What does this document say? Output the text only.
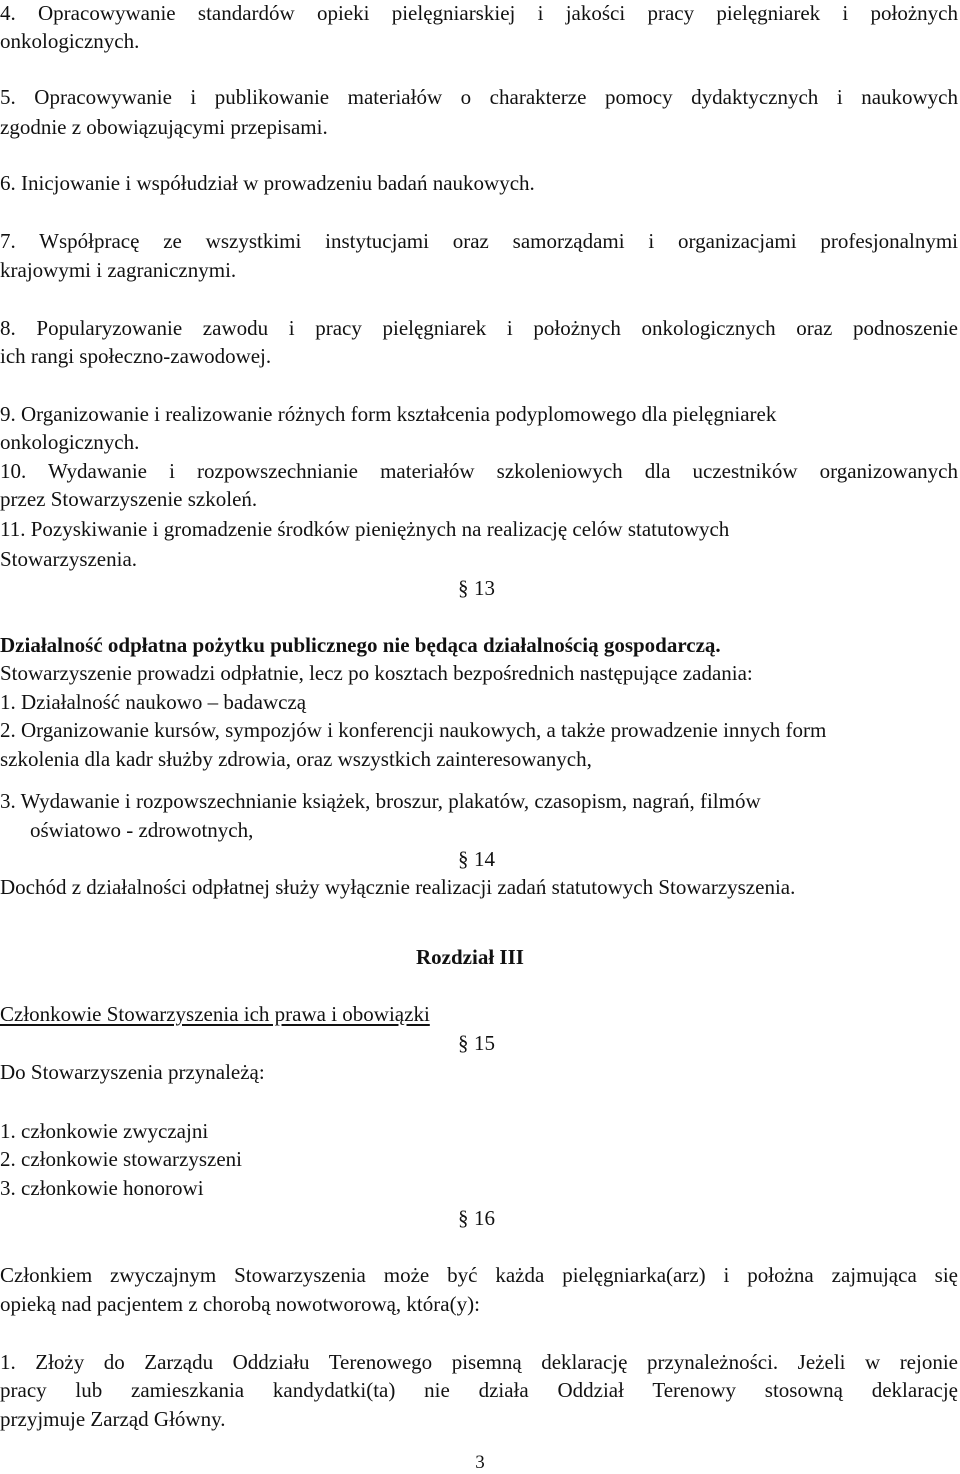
4. Opracowywanie standardów opieki pielęgniarskiej i jakości pracy pielęgniarek i położnych
onkologicznych.
5. Opracowywanie i publikowanie materiałów o charakterze pomocy dydaktycznych i naukowych
zgodnie z obowiązującymi przepisami.
6. Inicjowanie i współudział w prowadzeniu badań naukowych.
7. Współpracę ze wszystkimi instytucjami oraz samorządami i organizacjami profesjonalnymi
krajowymi i zagranicznymi.
8. Popularyzowanie zawodu i pracy pielęgniarek i położnych onkologicznych oraz podnoszenie
ich rangi społeczno-zawodowej.
9. Organizowanie i realizowanie różnych form kształcenia podyplomowego dla pielęgniarek
onkologicznych.
10. Wydawanie i rozpowszechnianie materiałów szkoleniowych dla uczestników organizowanych
przez Stowarzyszenie szkoleń.
11. Pozyskiwanie i gromadzenie środków pieniężnych na realizację celów statutowych
Stowarzyszenia.
§ 13
Działalność odpłatna pożytku publicznego nie będąca działalnością gospodarczą.
Stowarzyszenie prowadzi odpłatnie, lecz po kosztach bezpośrednich następujące zadania:
1. Działalność naukowo – badawczą
2. Organizowanie kursów, sympozjów i konferencji naukowych, a także prowadzenie innych form
szkolenia dla kadr służby zdrowia, oraz wszystkich zainteresowanych,
3. Wydawanie i rozpowszechnianie książek, broszur, plakatów, czasopism, nagrań, filmów
oświatowo - zdrowotnych,
§ 14
Dochód z działalności odpłatnej służy wyłącznie realizacji zadań statutowych Stowarzyszenia.
Rozdział III
Członkowie Stowarzyszenia ich prawa i obowiązki
§ 15
Do Stowarzyszenia przynależą:
1. członkowie zwyczajni
2. członkowie stowarzyszeni
3. członkowie honorowi
§ 16
Członkiem zwyczajnym Stowarzyszenia może być każda pielęgniarka(arz) i położna zajmująca się
opieką nad pacjentem z chorobą nowotworową, która(y):
1. Złoży do Zarządu Oddziału Terenowego pisemną deklarację przynależności. Jeżeli w rejonie
pracy lub zamieszkania kandydatki(ta) nie działa Oddział Terenowy stosowną deklarację
przyjmuje Zarząd Główny.
3
